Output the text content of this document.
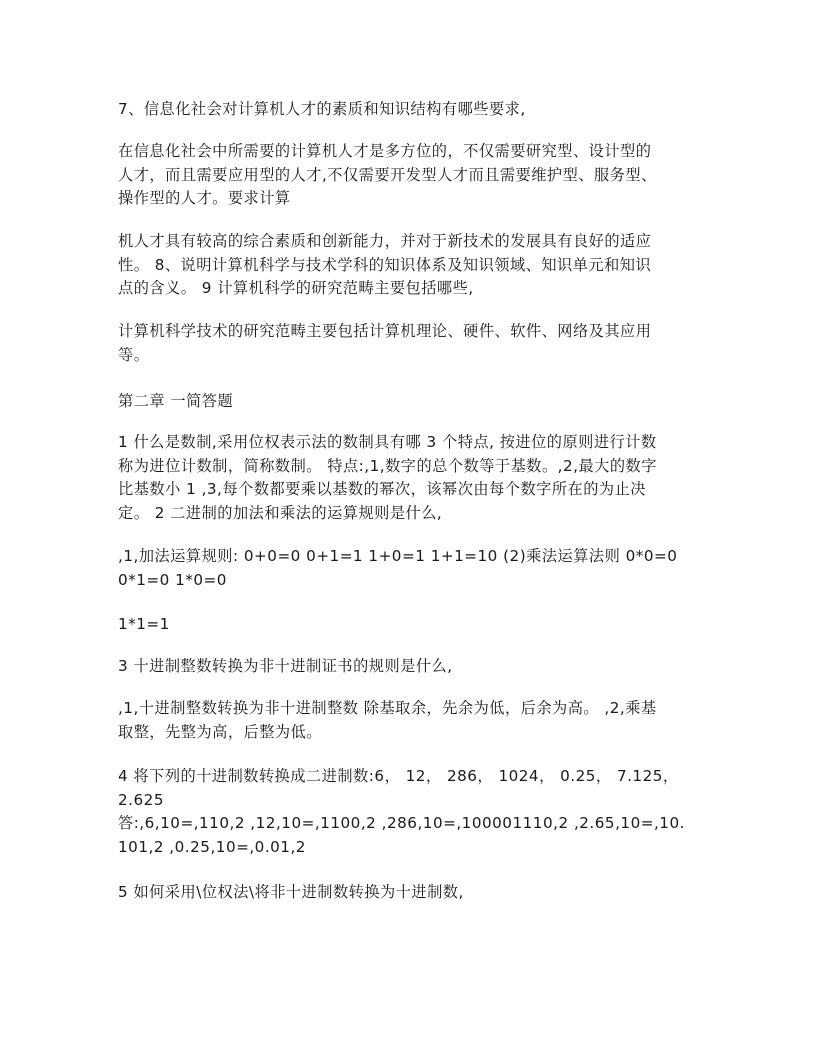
7、信息化社会对计算机人才的素质和知识结构有哪些要求,

在信息化社会中所需要的计算机人才是多方位的，不仅需要研究型、设计型的
人才，而且需要应用型的人才,不仅需要开发型人才而且需要维护型、服务型、
操作型的人才。要求计算

机人才具有较高的综合素质和创新能力，并对于新技术的发展具有良好的适应
性。 8、说明计算机科学与技术学科的知识体系及知识领域、知识单元和知识
点的含义。 9 计算机科学的研究范畴主要包括哪些,

计算机科学技术的研究范畴主要包括计算机理论、硬件、软件、网络及其应用
等。

第二章 一简答题

1 什么是数制,采用位权表示法的数制具有哪 3 个特点, 按进位的原则进行计数
称为进位计数制，简称数制。 特点:,1,数字的总个数等于基数。,2,最大的数字
比基数小 1 ,3,每个数都要乘以基数的幂次，该幂次由每个数字所在的为止决
定。 2 二进制的加法和乘法的运算规则是什么,

,1,加法运算规则: 0+0=0 0+1=1 1+0=1 1+1=10 (2)乘法运算法则 0*0=0
0*1=0 1*0=0

1*1=1

3 十进制整数转换为非十进制证书的规则是什么,

,1,十进制整数转换为非十进制整数 除基取余，先余为低，后余为高。 ,2,乘基
取整，先整为高，后整为低。

4 将下列的十进制数转换成二进制数:6， 12， 286， 1024， 0.25， 7.125，
2.625
答:,6,10=,110,2 ,12,10=,1100,2 ,286,10=,100001110,2 ,2.65,10=,10.
101,2 ,0.25,10=,0.01,2

5 如何采用\位权法\将非十进制数转换为十进制数,
